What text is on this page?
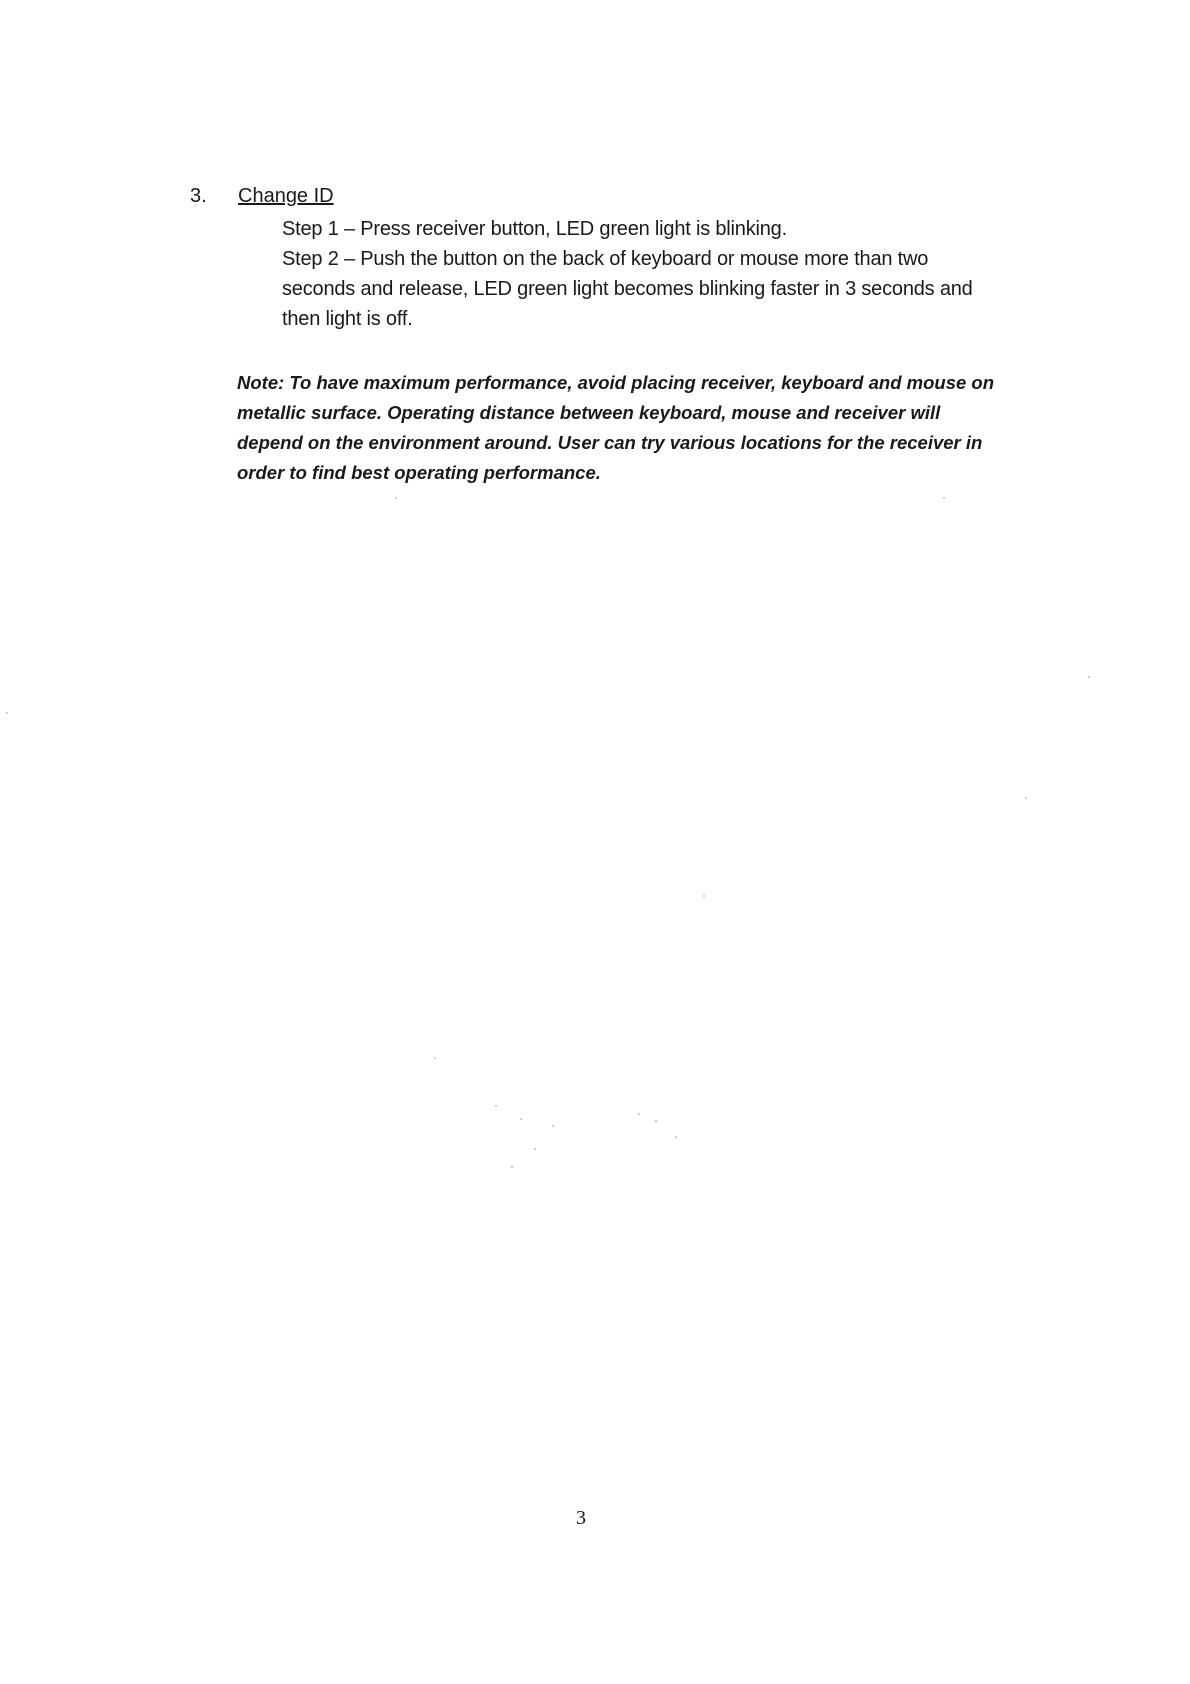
3.	Change ID

Step 1 – Press receiver button, LED green light is blinking.

Step 2 – Push the button on the back of keyboard or mouse more than two seconds and release, LED green light becomes blinking faster in 3 seconds and then light is off.

Note: To have maximum performance, avoid placing receiver, keyboard and mouse on metallic surface. Operating distance between keyboard, mouse and receiver will depend on the environment around. User can try various locations for the receiver in order to find best operating performance.
3
